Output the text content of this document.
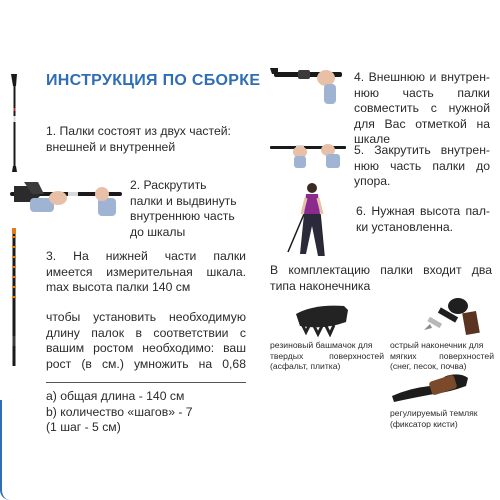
ИНСТРУКЦИЯ ПО СБОРКЕ
1. Палки состоят из двух частей:
внешней и внутренней
2. Раскрутить
палки и выдвинуть
внутреннюю часть
до шкалы
3. На нижней части палки
имеется измерительная шкала.
max высота палки 140 см
чтобы установить необходимую
длину палок в соответствии с
вашим ростом необходимо: ваш
рост (в см.) умножить на 0,68
a) общая длина - 140 см
b) количество «шагов» - 7
(1 шаг - 5 см)
4. Внешнюю и внутрен-
нюю часть палки
совместить с нужной
для Вас отметкой на
шкале
5. Закрутить внутрен-
нюю часть палки до
упора.
6. Нужная высота пал-
ки установленна.
В комплектацию палки входит два
типа наконечника
резиновый башмачок для
твердых поверхностей
(асфальт, плитка)
острый наконечник для
мягких поверхностей
(снег, песок, почва)
регулируемый темляк
(фиксатор кисти)
